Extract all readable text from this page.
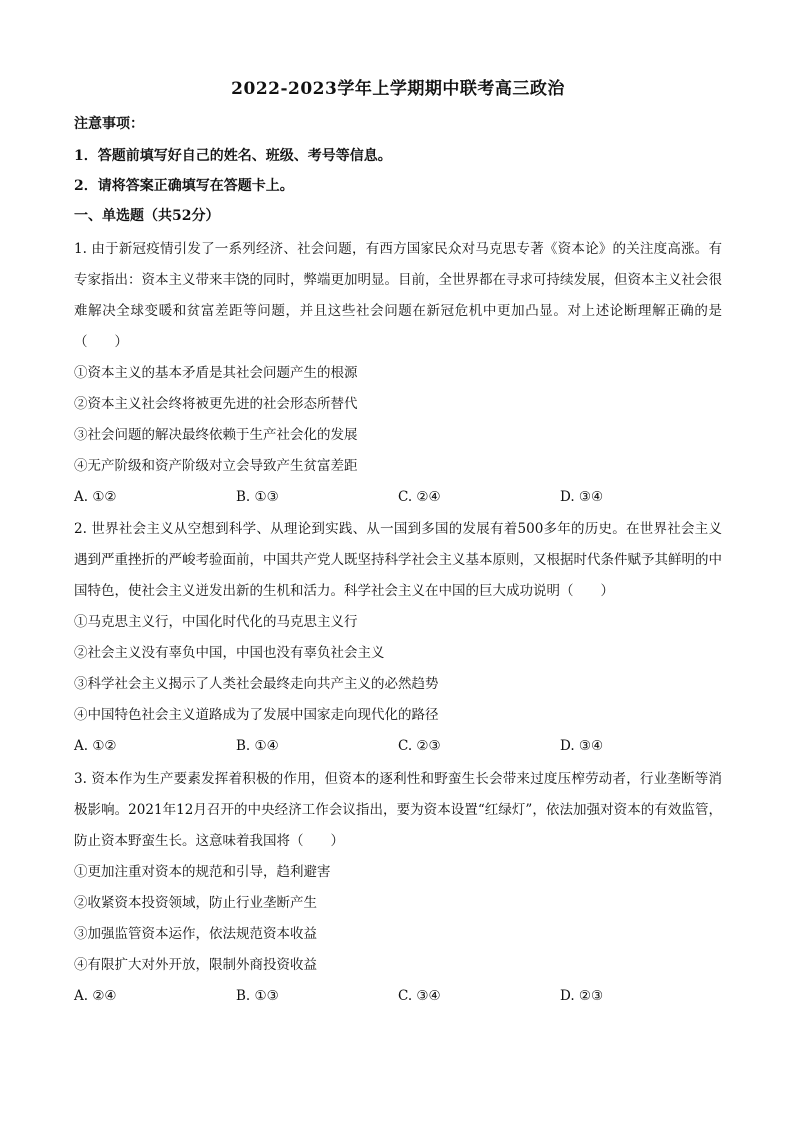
2022-2023学年上学期期中联考高三政治
注意事项：
1．答题前填写好自己的姓名、班级、考号等信息。
2．请将答案正确填写在答题卡上。
一、单选题（共52分）

1. 由于新冠疫情引发了一系列经济、社会问题，有西方国家民众对马克思专著《资本论》的关注度高涨。有专家指出：资本主义带来丰饶的同时，弊端更加明显。目前，全世界都在寻求可持续发展，但资本主义社会很难解决全球变暖和贫富差距等问题，并且这些社会问题在新冠危机中更加凸显。对上述论断理解正确的是（　　）

①资本主义的基本矛盾是其社会问题产生的根源

②资本主义社会终将被更先进的社会形态所替代

③社会问题的解决最终依赖于生产社会化的发展

④无产阶级和资产阶级对立会导致产生贫富差距

A. ①②	B. ①③	C. ②④	D. ③④

2. 世界社会主义从空想到科学、从理论到实践、从一国到多国的发展有着500多年的历史。在世界社会主义遇到严重挫折的严峻考验面前，中国共产党人既坚持科学社会主义基本原则，又根据时代条件赋予其鲜明的中国特色，使社会主义迸发出新的生机和活力。科学社会主义在中国的巨大成功说明（　　）

①马克思主义行，中国化时代化的马克思主义行

②社会主义没有辜负中国，中国也没有辜负社会主义

③科学社会主义揭示了人类社会最终走向共产主义的必然趋势

④中国特色社会主义道路成为了发展中国家走向现代化的路径

A. ①②	B. ①④	C. ②③	D. ③④

3. 资本作为生产要素发挥着积极的作用，但资本的逐利性和野蛮生长会带来过度压榨劳动者，行业垄断等消极影响。2021年12月召开的中央经济工作会议指出，要为资本设置“红绿灯”，依法加强对资本的有效监管，防止资本野蛮生长。这意味着我国将（　　）

①更加注重对资本的规范和引导，趋利避害

②收紧资本投资领域，防止行业垄断产生

③加强监管资本运作，依法规范资本收益

④有限扩大对外开放，限制外商投资收益

A. ②④	B. ①③	C. ③④	D. ②③
